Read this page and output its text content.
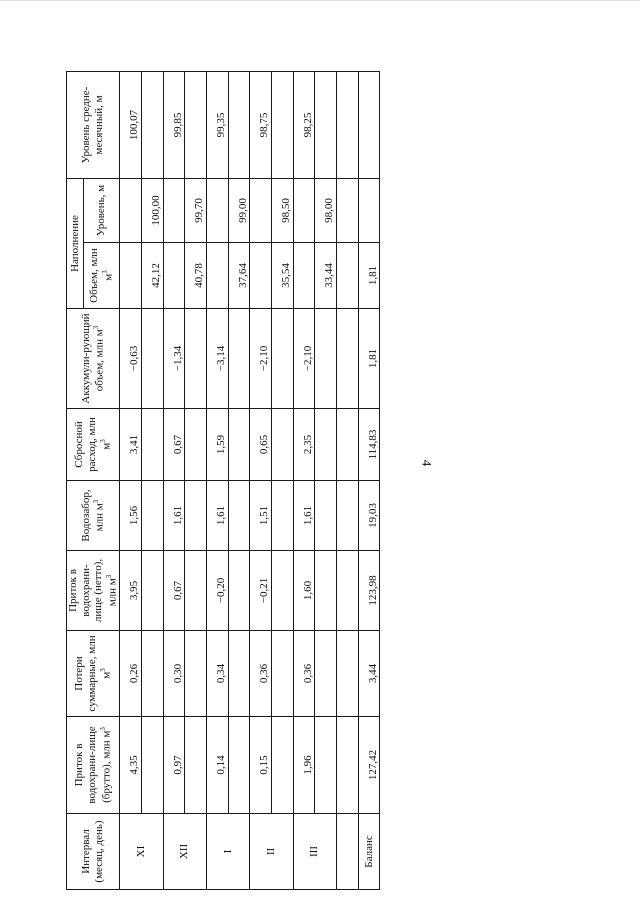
4
Интервал (месяц, день)	Приток в водохрани-лище (брутто), млн $м^3$	Потери суммарные, млн $м^3$	Приток в водохрани-лище (нетто), млн $м^3$	Водозабор, млн $м^3$	Сбросной расход, млн $м^3$	Аккумули-рующий объем, млн $м^3$	Наполнение		Уровень средне-месячный, м
							Объем, млн $м^3$	Уровень, м	
XI	4,35	0,26	3,95	1,56	3,41	−0,63			100,07
							42,12	100,00	
XII	0,97	0,30	0,67	1,61	0,67	−1,34			99,85
							40,78	99,70	
I	0,14	0,34	−0,20	1,61	1,59	−3,14			99,35
							37,64	99,00	
II	0,15	0,36	−0,21	1,51	0,65	−2,10			98,75
							35,54	98,50	
III	1,96	0,36	1,60	1,61	2,35	−2,10			98,25
							33,44	98,00	

Баланс	127,42	3,44	123,98	19,03	114,83	1,81	1,81		
